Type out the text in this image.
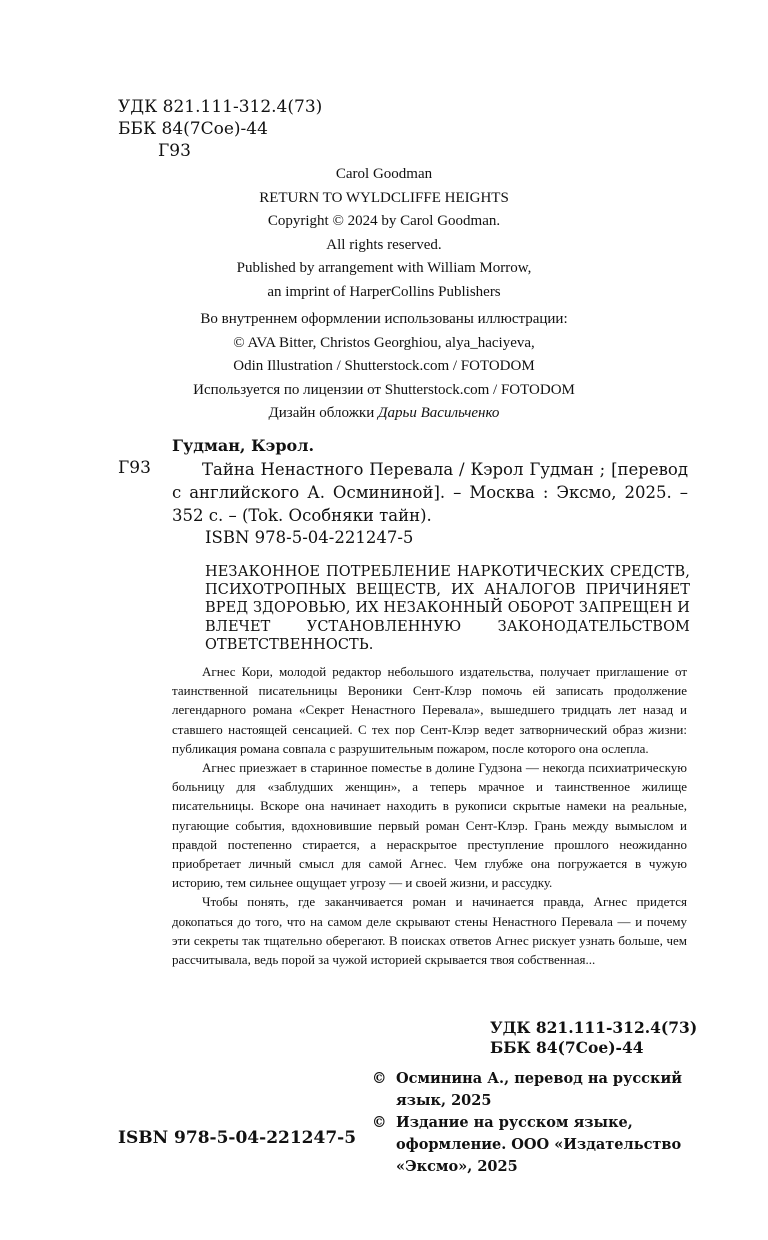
УДК 821.111-312.4(73)
ББК 84(7Сое)-44
Г93
Carol Goodman
RETURN TO WYLDCLIFFE HEIGHTS
Copyright © 2024 by Carol Goodman.
All rights reserved.
Published by arrangement with William Morrow,
an imprint of HarperCollins Publishers
Во внутреннем оформлении использованы иллюстрации:
© AVA Bitter, Christos Georghiou, alya_haciyeva,
Odin Illustration / Shutterstock.com / FOTODOM
Используется по лицензии от Shutterstock.com / FOTODOM
Дизайн обложки Дарьи Васильченко
Гудман, Кэрол.
Г93	Тайна Ненастного Перевала / Кэрол Гудман ; [перевод с английского А. Осмининой]. – Москва : Эксмо, 2025. – 352 с. – (Tok. Особняки тайн).

ISBN 978-5-04-221247-5
НЕЗАКОННОЕ ПОТРЕБЛЕНИЕ НАРКОТИЧЕСКИХ СРЕДСТВ, ПСИХОТРОПНЫХ ВЕЩЕСТВ, ИХ АНАЛОГОВ ПРИЧИНЯЕТ ВРЕД ЗДОРОВЬЮ, ИХ НЕЗАКОННЫЙ ОБОРОТ ЗАПРЕЩЕН И ВЛЕЧЕТ УСТАНОВЛЕННУЮ ЗАКОНОДАТЕЛЬСТВОМ ОТВЕТСТВЕННОСТЬ.

Агнес Кори, молодой редактор небольшого издательства, получает приглашение от таинственной писательницы Вероники Сент-Клэр помочь ей записать продолжение легендарного романа «Секрет Ненастного Перевала», вышедшего тридцать лет назад и ставшего настоящей сенсацией. С тех пор Сент-Клэр ведет затворнический образ жизни: публикация романа совпала с разрушительным пожаром, после которого она ослепла.

Агнес приезжает в старинное поместье в долине Гудзона — некогда психиатрическую больницу для «заблудших женщин», а теперь мрачное и таинственное жилище писательницы. Вскоре она начинает находить в рукописи скрытые намеки на реальные, пугающие события, вдохновившие первый роман Сент-Клэр. Грань между вымыслом и правдой постепенно стирается, а нераскрытое преступление прошлого неожиданно приобретает личный смысл для самой Агнес. Чем глубже она погружается в чужую историю, тем сильнее ощущает угрозу — и своей жизни, и рассудку.

Чтобы понять, где заканчивается роман и начинается правда, Агнес придется докопаться до того, что на самом деле скрывают стены Ненастного Перевала — и почему эти секреты так тщательно оберегают. В поисках ответов Агнес рискует узнать больше, чем рассчитывала, ведь порой за чужой историей скрывается твоя собственная...

УДК 821.111-312.4(73)
ББК 84(7Сое)-44
© Осминина А., перевод на русский язык, 2025
© Издание на русском языке, оформление. ООО «Издательство «Эксмо», 2025
ISBN 978-5-04-221247-5
